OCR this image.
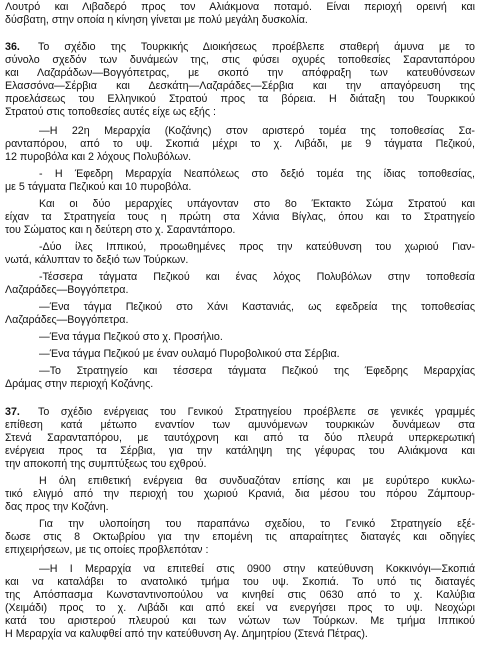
Λουτρό και Λιβαδερό προς τον Αλιάκμονα ποταμό. Είναι περιοχή ορεινή και
δύσβατη, στην οποία η κίνηση γίνεται με πολύ μεγάλη δυσκολία.
36.	Το σχέδιο της Τουρκικής Διοικήσεως προέβλεπε σταθερή άμυνα με το
σύνολο σχεδόν των δυνάμεών της, στις φύσει οχυρές τοποθεσίες Σαρανταπόρου
και Λαζαράδων—Βογγόπετρας, με σκοπό την απόφραξη των κατευθύνσεων
Ελασσόνα—Σέρβια και Δεσκάτη—Λαζαράδες—Σέρβια και την απαγόρευση της
προελάσεως του Ελληνικού Στρατού προς τα βόρεια. Η διάταξη του Τουρκικού
Στρατού στις τοποθεσίες αυτές είχε ως εξής :
—Η 22η Μεραρχία (Κοζάνης) στον αριστερό τομέα της τοποθεσίας Σα-
ρανταπόρου, από το υψ. Σκοπιά μέχρι το χ. Λιβάδι, με 9 τάγματα Πεζικού,
12 πυροβόλα και 2 λόχους Πολυβόλων.
- Η Έφεδρη Μεραρχία Νεαπόλεως στο δεξιό τομέα της ίδιας τοποθεσίας,
με 5 τάγματα Πεζικού και 10 πυροβόλα.
Και οι δύο μεραρχίες υπάγονταν στο 8ο Έκτακτο Σώμα Στρατού και
είχαν τα Στρατηγεία τους η πρώτη στα Χάνια Βίγλας, όπου και το Στρατηγείο
του Σώματος και η δεύτερη στο χ. Σαραντάπορο.
-Δύο ίλες Ιππικού, προωθημένες προς την κατεύθυνση του χωριού Γιαν-
νωτά, κάλυπταν το δεξιό των Τούρκων.
-Τέσσερα τάγματα Πεζικού και ένας λόχος Πολυβόλων στην τοποθεσία
Λαζαράδες—Βογγόπετρα.
—Ένα τάγμα Πεζικού στο Χάνι Καστανιάς, ως εφεδρεία της τοποθεσίας
Λαζαράδες—Βογγόπετρα.
—Ένα τάγμα Πεζικού στο χ. Προσήλιο.
—Ένα τάγμα Πεζικού με έναν ουλαμό Πυροβολικού στα Σέρβια.
—Το Στρατηγείο και τέσσερα τάγματα Πεζικού της Έφεδρης Μεραρχίας
Δράμας στην περιοχή Κοζάνης.
37.	Το σχέδιο ενέργειας του Γενικού Στρατηγείου προέβλεπε σε γενικές γραμμές
επίθεση κατά μέτωπο εναντίον των αμυνόμενων τουρκικών δυνάμεων στα
Στενά Σαρανταπόρου, με ταυτόχρονη και από τα δύο πλευρά υπερκερωτική
ενέργεια προς τα Σέρβια, για την κατάληψη της γέφυρας του Αλιάκμονα και
την αποκοπή της συμπτύξεως του εχθρού.
Η όλη επιθετική ενέργεια θα συνδυαζόταν επίσης και με ευρύτερο κυκλω-
τικό ελιγμό από την περιοχή του χωριού Κρανιά, δια μέσου του πόρου Ζάμπουρ-
δας προς την Κοζάνη.
Για την υλοποίηση του παραπάνω σχεδίου, το Γενικό Στρατηγείο εξέ-
δωσε στις 8 Οκτωβρίου για την επομένη τις απαραίτητες διαταγές και οδηγίες
επιχειρήσεων, με τις οποίες προβλεπόταν :
—Η Ι Μεραρχία να επιτεθεί στις 0900 στην κατεύθυνση Κοκκινόγι—Σκοπιά
και να καταλάβει το ανατολικό τμήμα του υψ. Σκοπιά. Το υπό τις διαταγές
της Απόσπασμα Κωνσταντινοπούλου να κινηθεί στις 0630 από το χ. Καλύβια
(Χειμάδι) προς το χ. Λιβάδι και από εκεί να ενεργήσει προς το υψ. Νεοχώρι
κατά του αριστερού πλευρού και των νώτων των Τούρκων. Με τμήμα Ιππικού
Η Μεραρχία να καλυφθεί από την κατεύθυνση Αγ. Δημητρίου (Στενά Πέτρας).
